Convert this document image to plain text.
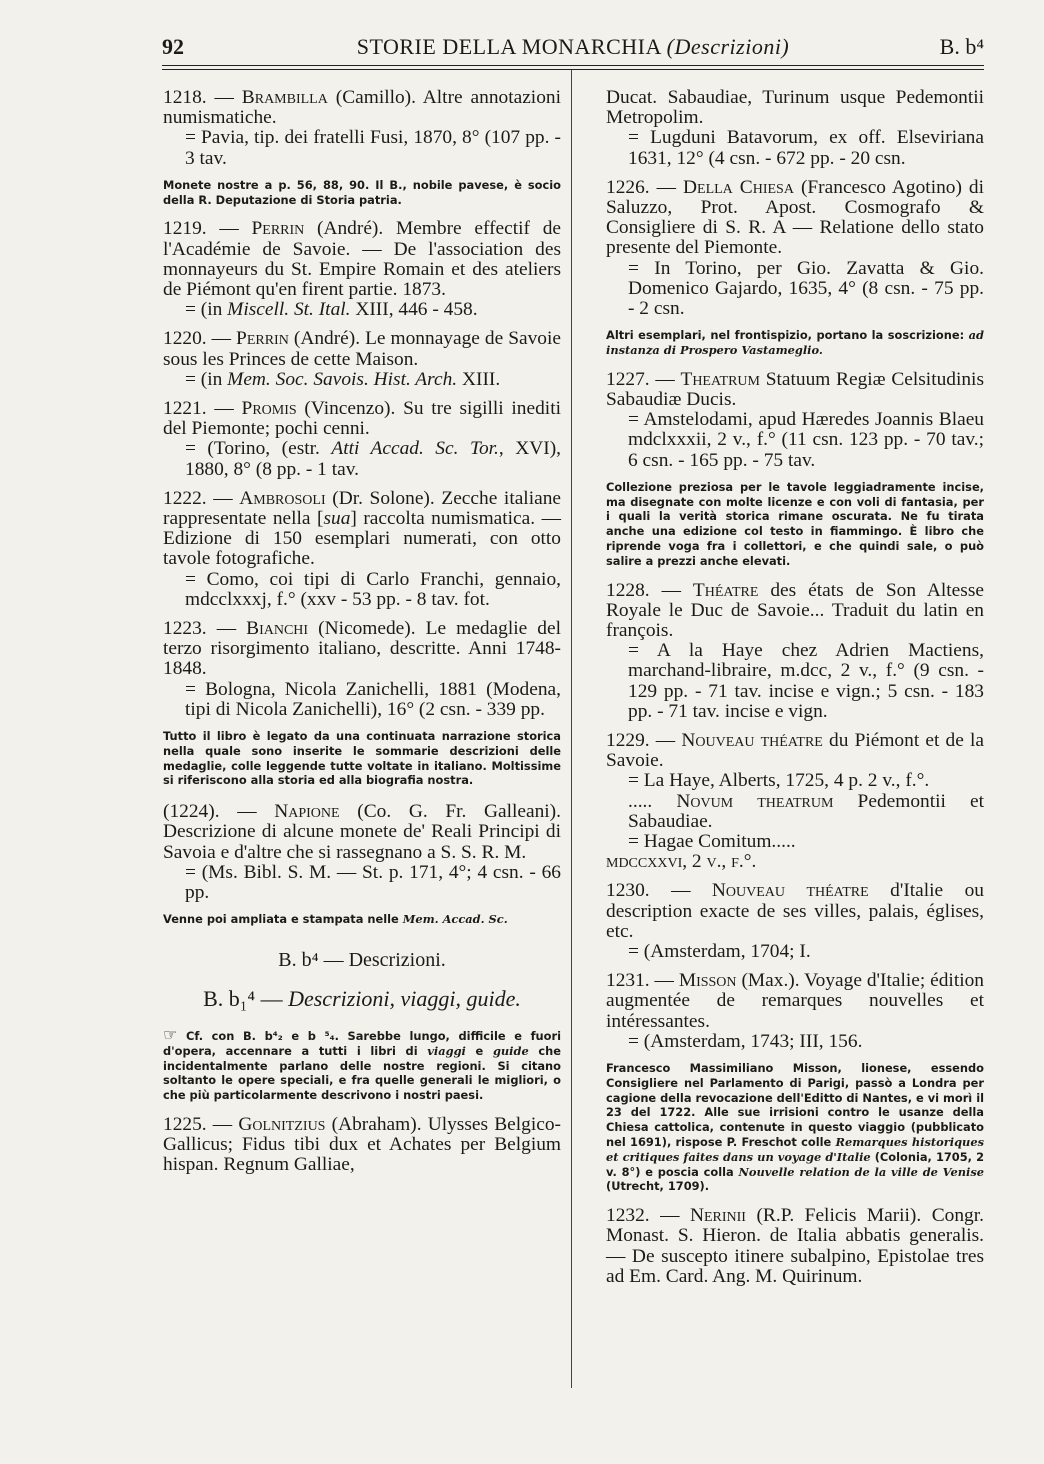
92	STORIE DELLA MONARCHIA (Descrizioni)	B. b⁴

1218. — Brambilla (Camillo). Altre annotazioni numismatiche.

= Pavia, tip. dei fratelli Fusi, 1870, 8° (107 pp. - 3 tav.

Monete nostre a p. 56, 88, 90. Il B., nobile pavese, è socio della R. Deputazione di Storia patria.

1219. — Perrin (André). Membre effectif de l'Académie de Savoie. — De l'association des monnayeurs du St. Empire Romain et des ateliers de Piémont qu'en firent partie. 1873.

= (in Miscell. St. Ital. XIII, 446 - 458.

1220. — Perrin (André). Le monnayage de Savoie sous les Princes de cette Maison.

= (in Mem. Soc. Savois. Hist. Arch. XIII.

1221. — Promis (Vincenzo). Su tre sigilli inediti del Piemonte; pochi cenni.

= (Torino, (estr. Atti Accad. Sc. Tor., XVI), 1880, 8° (8 pp. - 1 tav.

1222. — Ambrosoli (Dr. Solone). Zecche italiane rappresentate nella [sua] raccolta numismatica. — Edizione di 150 esemplari numerati, con otto tavole fotografiche.

= Como, coi tipi di Carlo Franchi, gennaio, mdcclxxxj, f.° (xxv - 53 pp. - 8 tav. fot.

1223. — Bianchi (Nicomede). Le medaglie del terzo risorgimento italiano, descritte. Anni 1748-1848.

= Bologna, Nicola Zanichelli, 1881 (Modena, tipi di Nicola Zanichelli), 16° (2 csn. - 339 pp.

Tutto il libro è legato da una continuata narrazione storica nella quale sono inserite le sommarie descrizioni delle medaglie, colle leggende tutte voltate in italiano. Moltissime si riferiscono alla storia ed alla biografia nostra.

(1224). — Napione (Co. G. Fr. Galleani). Descrizione di alcune monete de' Reali Principi di Savoia e d'altre che si rassegnano a S. S. R. M.

= (Ms. Bibl. S. M. — St. p. 171, 4°; 4 csn. - 66 pp.

Venne poi ampliata e stampata nelle Mem. Accad. Sc.
B. b⁴ — Descrizioni.
B. b₁⁴ — Descrizioni, viaggi, guide.
☞ Cf. con B. b⁴₂ e b ⁵₄. Sarebbe lungo, difficile e fuori d'opera, accennare a tutti i libri di viaggi e guide che incidentalmente parlano delle nostre regioni. Si citano soltanto le opere speciali, e fra quelle generali le migliori, o che più particolarmente descrivono i nostri paesi.

1225. — Golnitzius (Abraham). Ulysses Belgico-Gallicus; Fidus tibi dux et Achates per Belgium hispan. Regnum Galliae,

Ducat. Sabaudiae, Turinum usque Pedemontii Metropolim.

= Lugduni Batavorum, ex off. Elseviriana 1631, 12° (4 csn. - 672 pp. - 20 csn.

1226. — Della Chiesa (Francesco Agotino) di Saluzzo, Prot. Apost. Cosmografo & Consigliere di S. R. A — Relatione dello stato presente del Piemonte.

= In Torino, per Gio. Zavatta & Gio. Domenico Gajardo, 1635, 4° (8 csn. - 75 pp. - 2 csn.

Altri esemplari, nel frontispizio, portano la soscrizione: ad instanza di Prospero Vastameglio.

1227. — Theatrum Statuum Regiæ Celsitudinis Sabaudiæ Ducis.

= Amstelodami, apud Hæredes Joannis Blaeu mdclxxxii, 2 v., f.° (11 csn. 123 pp. - 70 tav.; 6 csn. - 165 pp. - 75 tav.

Collezione preziosa per le tavole leggiadramente incise, ma disegnate con molte licenze e con voli di fantasia, per i quali la verità storica rimane oscurata. Ne fu tirata anche una edizione col testo in fiammingo. È libro che riprende voga fra i collettori, e che quindi sale, o può salire a prezzi anche elevati.

1228. — Théatre des états de Son Altesse Royale le Duc de Savoie... Traduit du latin en françois.

= A la Haye chez Adrien Mactiens, marchand-libraire, m.dcc, 2 v., f.° (9 csn. - 129 pp. - 71 tav. incise e vign.; 5 csn. - 183 pp. - 71 tav. incise e vign.

1229. — Nouveau théatre du Piémont et de la Savoie.

= La Haye, Alberts, 1725, 4 p. 2 v., f.°.

..... Novum theatrum Pedemontii et Sabaudiae.

= Hagae Comitum.....

mdccxxvi, 2 v., f.°.

1230. — Nouveau théatre d'Italie ou description exacte de ses villes, palais, églises, etc.

= (Amsterdam, 1704; I.

1231. — Misson (Max.). Voyage d'Italie; édition augmentée de remarques nouvelles et intéressantes.

= (Amsterdam, 1743; III, 156.

Francesco Massimiliano Misson, lionese, essendo Consigliere nel Parlamento di Parigi, passò a Londra per cagione della revocazione dell'Editto di Nantes, e vi morì il 23 del 1722. Alle sue irrisioni contro le usanze della Chiesa cattolica, contenute in questo viaggio (pubblicato nel 1691), rispose P. Freschot colle Remarques historiques et critiques faites dans un voyage d'Italie (Colonia, 1705, 2 v. 8°) e poscia colla Nouvelle relation de la ville de Venise (Utrecht, 1709).

1232. — Nerinii (R.P. Felicis Marii). Congr. Monast. S. Hieron. de Italia abbatis generalis. — De suscepto itinere subalpino, Epistolae tres ad Em. Card. Ang. M. Quirinum.
